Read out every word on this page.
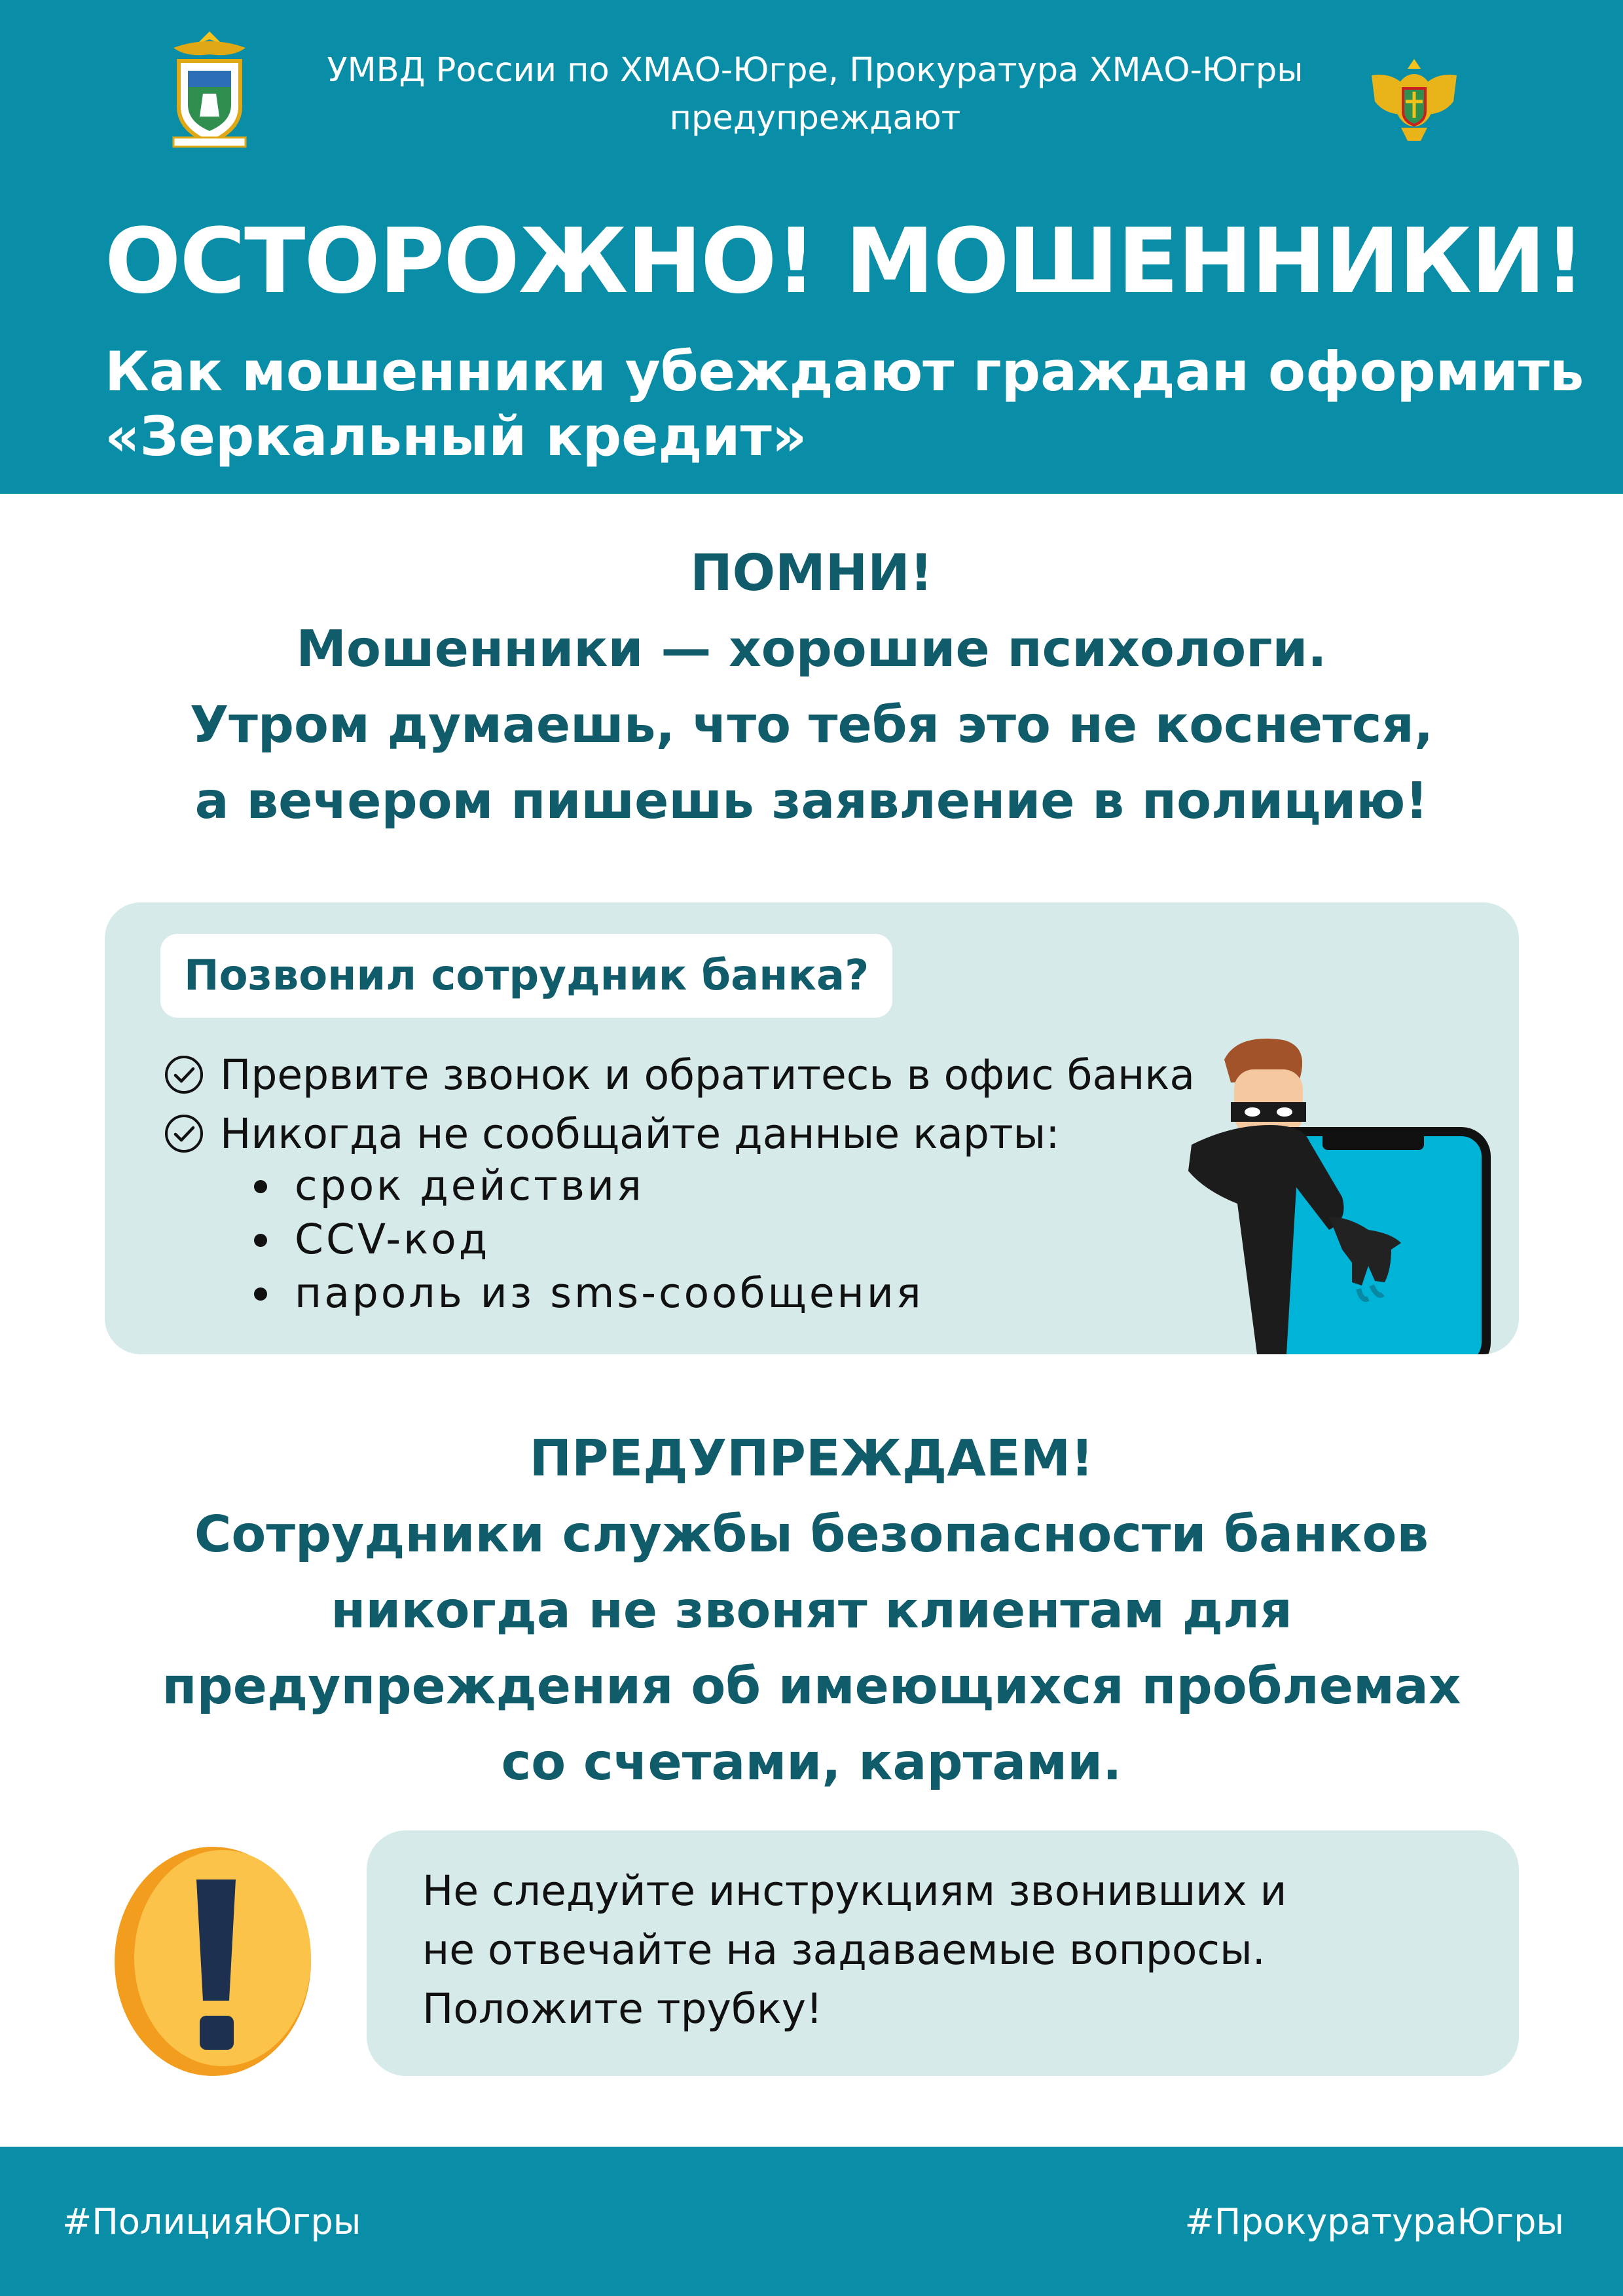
УМВД России по ХМАО-Югре, Прокуратура ХМАО-Югры
предупреждают
ОСТОРОЖНО! МОШЕННИКИ!
Как мошенники убеждают граждан оформить
«Зеркальный кредит»
ПОМНИ!
Мошенники — хорошие психологи.
Утром думаешь, что тебя это не коснется,
а вечером пишешь заявление в полицию!
Позвонил сотрудник банка?
Прервите звонок и обратитесь в офис банка
Никогда не сообщайте данные карты:
срок действия
CCV-код
пароль из sms-сообщения
ПРЕДУПРЕЖДАЕМ!
Сотрудники службы безопасности банков
никогда не звонят клиентам для
предупреждения об имеющихся проблемах
со счетами, картами.
Не следуйте инструкциям звонивших и
не отвечайте на задаваемые вопросы.
Положите трубку!
#ПолицияЮгры	#ПрокуратураЮгры
